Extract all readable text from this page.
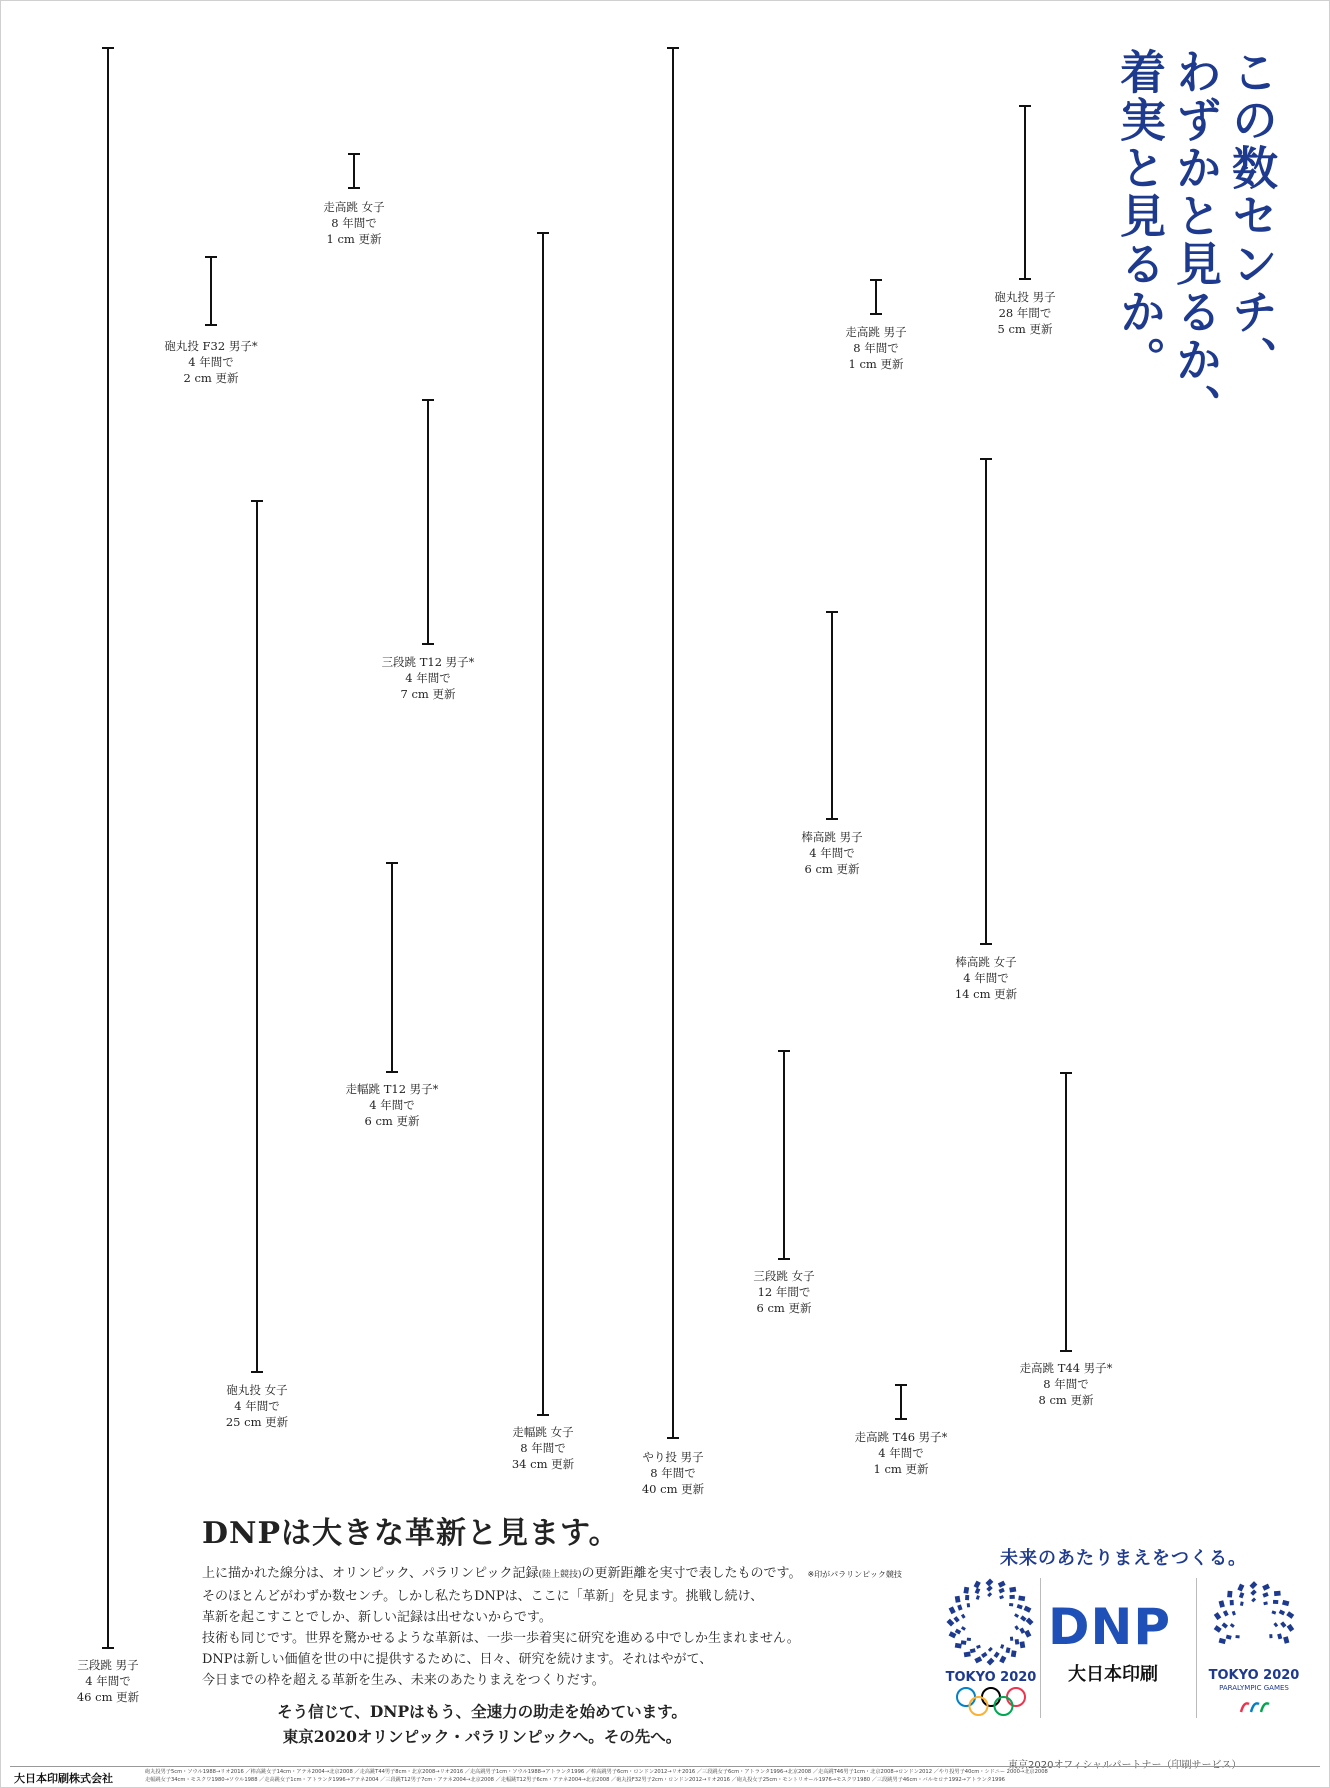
三段跳 男子
4 年間で
46 cm 更新
走高跳 女子
8 年間で
1 cm 更新
砲丸投 F32 男子*
4 年間で
2 cm 更新
三段跳 T12 男子*
4 年間で
7 cm 更新
砲丸投 女子
4 年間で
25 cm 更新
走幅跳 T12 男子*
4 年間で
6 cm 更新
走幅跳 女子
8 年間で
34 cm 更新	やり投 男子
8 年間で
40 cm 更新
走高跳 男子
8 年間で
1 cm 更新
砲丸投 男子
28 年間で
5 cm 更新
棒高跳 男子
4 年間で
6 cm 更新
棒高跳 女子
4 年間で
14 cm 更新
三段跳 女子
12 年間で
6 cm 更新
走高跳 T44 男子*
8 年間で
8 cm 更新
走高跳 T46 男子*
4 年間で
1 cm 更新
この数センチ、
わずかと見るか、
着実と見るか。
DNPは大きな革新と見ます。
上に描かれた線分は、オリンピック、パラリンピック記録(陸上競技)の更新距離を実寸で表したものです。 ※印がパラリンピック競技
そのほとんどがわずか数センチ。しかし私たちDNPは、ここに「革新」を見ます。挑戦し続け、
革新を起こすことでしか、新しい記録は出せないからです。
技術も同じです。世界を驚かせるような革新は、一歩一歩着実に研究を進める中でしか生まれません。
DNPは新しい価値を世の中に提供するために、日々、研究を続けます。それはやがて、
今日までの枠を超える革新を生み、未来のあたりまえをつくりだす。
そう信じて、DNPはもう、全速力の助走を始めています。
東京2020オリンピック・パラリンピックへ。その先へ。
未来のあたりまえをつくる。
TOKYO 2020
DNP
大日本印刷	TOKYO 2020
PARALYMPIC GAMES
大日本印刷株式会社	砲丸投男子5cm・ソウル1988→リオ2016 ／棒高跳女子14cm・アテネ2004→北京2008 ／走高跳T44男子8cm・北京2008→リオ2016 ／走高跳男子1cm・ソウル1988→アトランタ1996 ／棒高跳男子6cm・ロンドン2012→リオ2016 ／三段跳女子6cm・アトランタ1996→北京2008 ／走高跳T46男子1cm・北京2008→ロンドン2012 ／やり投男子40cm・シドニー 2000→北京2008
走幅跳女子34cm・モスクワ1980→ソウル1988 ／走高跳女子1cm・アトランタ1996→アテネ2004 ／三段跳T12男子7cm・アテネ2004→北京2008 ／走幅跳T12男子6cm・アテネ2004→北京2008 ／砲丸投F32男子2cm・ロンドン2012→リオ2016 ／砲丸投女子25cm・モントリオール1976→モスクワ1980 ／三段跳男子46cm・バルセロナ1992→アトランタ1996
